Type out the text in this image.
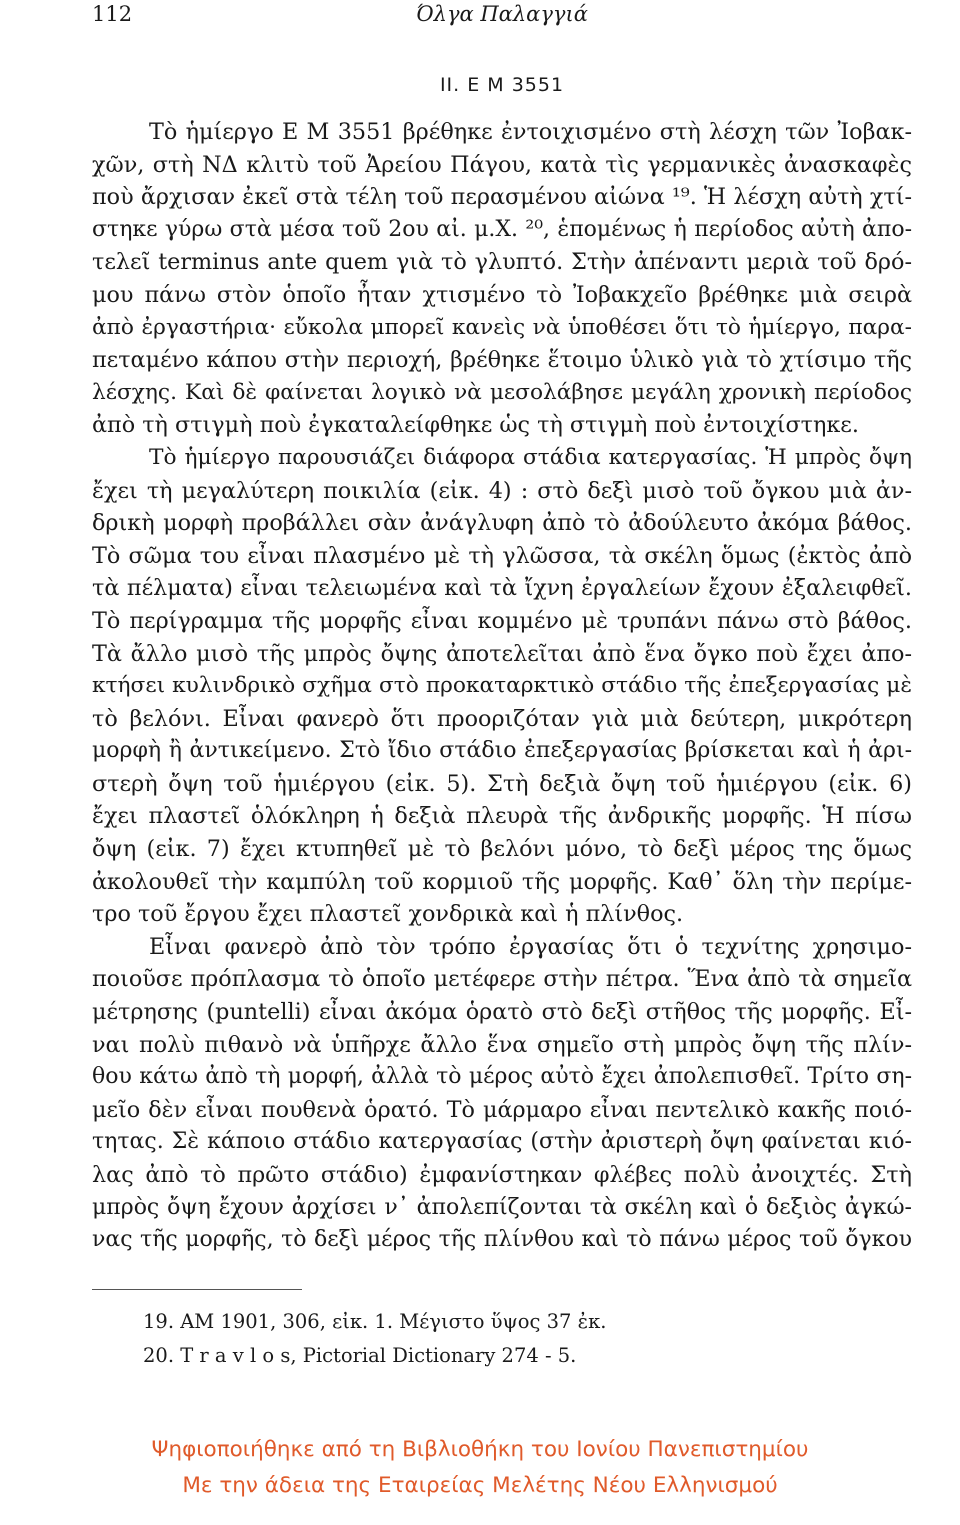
112	Όλγα Παλαγγιά
II. Ε Μ 3551
Τὸ ἡμίεργο Ε Μ 3551 βρέθηκε ἐντοιχισμένο στὴ λέσχη τῶν Ἰοβακ-
χῶν, στὴ ΝΔ κλιτὺ τοῦ Ἀρείου Πάγου, κατὰ τὶς γερμανικὲς ἀνασκαφὲς
ποὺ ἄρχισαν ἐκεῖ στὰ τέλη τοῦ περασμένου αἰώνα ¹⁹. Ἡ λέσχη αὐτὴ χτί-
στηκε γύρω στὰ μέσα τοῦ 2ου αἰ. μ.Χ. ²⁰, ἑπομένως ἡ περίοδος αὐτὴ ἀπο-
τελεῖ terminus ante quem γιὰ τὸ γλυπτό. Στὴν ἀπέναντι μεριὰ τοῦ δρό-
μου πάνω στὸν ὁποῖο ἦταν χτισμένο τὸ Ἰοβακχεῖο βρέθηκε μιὰ σειρὰ
ἀπὸ ἐργαστήρια· εὔκολα μπορεῖ κανεὶς νὰ ὑποθέσει ὅτι τὸ ἡμίεργο, παρα-
πεταμένο κάπου στὴν περιοχή, βρέθηκε ἕτοιμο ὑλικὸ γιὰ τὸ χτίσιμο τῆς
λέσχης. Καὶ δὲ φαίνεται λογικὸ νὰ μεσολάβησε μεγάλη χρονικὴ περίοδος
ἀπὸ τὴ στιγμὴ ποὺ ἐγκαταλείφθηκε ὡς τὴ στιγμὴ ποὺ ἐντοιχίστηκε.
Τὸ ἡμίεργο παρουσιάζει διάφορα στάδια κατεργασίας. Ἡ μπρὸς ὄψη
ἔχει τὴ μεγαλύτερη ποικιλία (εἰκ. 4) : στὸ δεξὶ μισὸ τοῦ ὄγκου μιὰ ἀν-
δρικὴ μορφὴ προβάλλει σὰν ἀνάγλυφη ἀπὸ τὸ ἀδούλευτο ἀκόμα βάθος.
Τὸ σῶμα του εἶναι πλασμένο μὲ τὴ γλῶσσα, τὰ σκέλη ὅμως (ἐκτὸς ἀπὸ
τὰ πέλματα) εἶναι τελειωμένα καὶ τὰ ἴχνη ἐργαλείων ἔχουν ἐξαλειφθεῖ.
Τὸ περίγραμμα τῆς μορφῆς εἶναι κομμένο μὲ τρυπάνι πάνω στὸ βάθος.
Τὰ ἄλλο μισὸ τῆς μπρὸς ὄψης ἀποτελεῖται ἀπὸ ἕνα ὄγκο ποὺ ἔχει ἀπο-
κτήσει κυλινδρικὸ σχῆμα στὸ προκαταρκτικὸ στάδιο τῆς ἐπεξεργασίας μὲ
τὸ βελόνι. Εἶναι φανερὸ ὅτι προοριζόταν γιὰ μιὰ δεύτερη, μικρότερη
μορφὴ ἢ ἀντικείμενο. Στὸ ἴδιο στάδιο ἐπεξεργασίας βρίσκεται καὶ ἡ ἀρι-
στερὴ ὄψη τοῦ ἡμιέργου (εἰκ. 5). Στὴ δεξιὰ ὄψη τοῦ ἡμιέργου (εἰκ. 6)
ἔχει πλαστεῖ ὁλόκληρη ἡ δεξιὰ πλευρὰ τῆς ἀνδρικῆς μορφῆς. Ἡ πίσω
ὄψη (εἰκ. 7) ἔχει κτυπηθεῖ μὲ τὸ βελόνι μόνο, τὸ δεξὶ μέρος της ὅμως
ἀκολουθεῖ τὴν καμπύλη τοῦ κορμιοῦ τῆς μορφῆς. Καθ᾽ ὅλη τὴν περίμε-
τρο τοῦ ἔργου ἔχει πλαστεῖ χονδρικὰ καὶ ἡ πλίνθος.
Εἶναι φανερὸ ἀπὸ τὸν τρόπο ἐργασίας ὅτι ὁ τεχνίτης χρησιμο-
ποιοῦσε πρόπλασμα τὸ ὁποῖο μετέφερε στὴν πέτρα. Ἕνα ἀπὸ τὰ σημεῖα
μέτρησης (puntelli) εἶναι ἀκόμα ὁρατὸ στὸ δεξὶ στῆθος τῆς μορφῆς. Εἶ-
ναι πολὺ πιθανὸ νὰ ὑπῆρχε ἄλλο ἕνα σημεῖο στὴ μπρὸς ὄψη τῆς πλίν-
θου κάτω ἀπὸ τὴ μορφή, ἀλλὰ τὸ μέρος αὐτὸ ἔχει ἀπολεπισθεῖ. Τρίτο ση-
μεῖο δὲν εἶναι πουθενὰ ὁρατό. Τὸ μάρμαρο εἶναι πεντελικὸ κακῆς ποιό-
τητας. Σὲ κάποιο στάδιο κατεργασίας (στὴν ἀριστερὴ ὄψη φαίνεται κιό-
λας ἀπὸ τὸ πρῶτο στάδιο) ἐμφανίστηκαν φλέβες πολὺ ἀνοιχτές. Στὴ
μπρὸς ὄψη ἔχουν ἀρχίσει ν᾽ ἀπολεπίζονται τὰ σκέλη καὶ ὁ δεξιὸς ἀγκώ-
νας τῆς μορφῆς, τὸ δεξὶ μέρος τῆς πλίνθου καὶ τὸ πάνω μέρος τοῦ ὄγκου
19. AM 1901, 306, εἰκ. 1. Μέγιστο ὕψος 37 ἐκ.
20. T r a v l o s, Pictorial Dictionary 274 - 5.
Ψηφιοποιήθηκε από τη Βιβλιοθήκη του Ιονίου Πανεπιστημίου
Με την άδεια της Εταιρείας Μελέτης Νέου Ελληνισμού
